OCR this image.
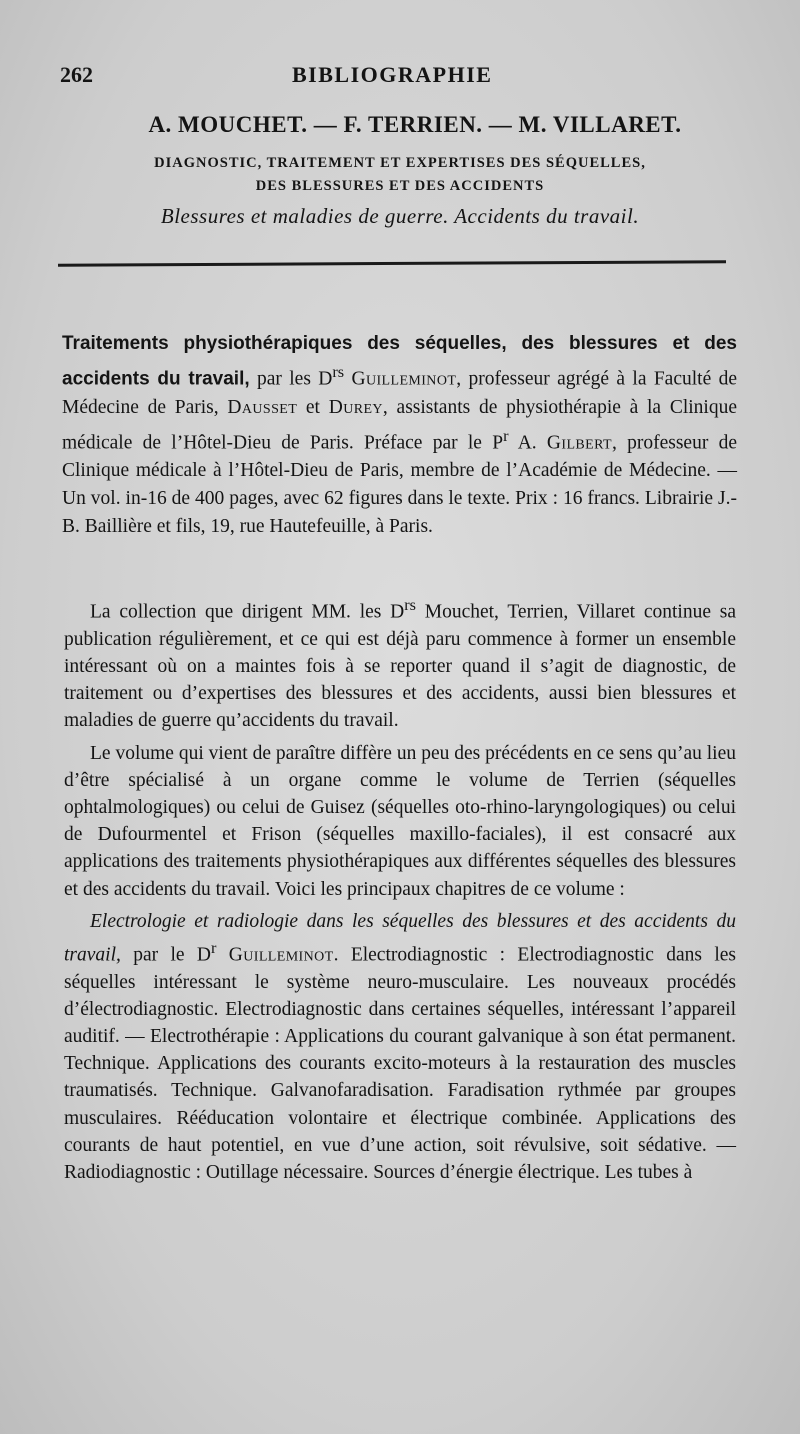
262	BIBLIOGRAPHIE
A. MOUCHET. — F. TERRIEN. — M. VILLARET.
DIAGNOSTIC, TRAITEMENT ET EXPERTISES DES SÉQUELLES,
DES BLESSURES ET DES ACCIDENTS
Blessures et maladies de guerre. Accidents du travail.
Traitements physiothérapiques des séquelles, des blessures et des accidents du travail, par les $D^{rs}$ Guilleminot, professeur agrégé à la Faculté de Médecine de Paris, Dausset et Durey, assistants de physiothérapie à la Clinique médicale de l’Hôtel-Dieu de Paris. Préface par le $P^r$ A. Gilbert, professeur de Clinique médicale à l’Hôtel-Dieu de Paris, membre de l’Académie de Médecine. — Un vol. in-16 de 400 pages, avec 62 figures dans le texte. Prix : 16 francs. Librairie J.-B. Baillière et fils, 19, rue Hautefeuille, à Paris.

La collection que dirigent MM. les $D^{rs}$ Mouchet, Terrien, Villaret continue sa publication régulièrement, et ce qui est déjà paru commence à former un ensemble intéressant où on a maintes fois à se reporter quand il s’agit de diagnostic, de traitement ou d’expertises des blessures et des accidents, aussi bien blessures et maladies de guerre qu’accidents du travail.

Le volume qui vient de paraître diffère un peu des précédents en ce sens qu’au lieu d’être spécialisé à un organe comme le volume de Terrien (séquelles ophtalmologiques) ou celui de Guisez (séquelles oto-rhino-laryngologiques) ou celui de Dufourmentel et Frison (séquelles maxillo-faciales), il est consacré aux applications des traitements physiothérapiques aux différentes séquelles des blessures et des accidents du travail. Voici les principaux chapitres de ce volume :

Electrologie et radiologie dans les séquelles des blessures et des accidents du travail, par le $D^r$ Guilleminot. Electrodiagnostic : Electrodiagnostic dans les séquelles intéressant le système neuro-musculaire. Les nouveaux procédés d’électrodiagnostic. Electrodiagnostic dans certaines séquelles, intéressant l’appareil auditif. — Electrothérapie : Applications du courant galvanique à son état permanent. Technique. Applications des courants excito-moteurs à la restauration des muscles traumatisés. Technique. Galvanofaradisation. Faradisation rythmée par groupes musculaires. Rééducation volontaire et électrique combinée. Applications des courants de haut potentiel, en vue d’une action, soit révulsive, soit sédative. — Radiodiagnostic : Outillage nécessaire. Sources d’énergie électrique. Les tubes à
